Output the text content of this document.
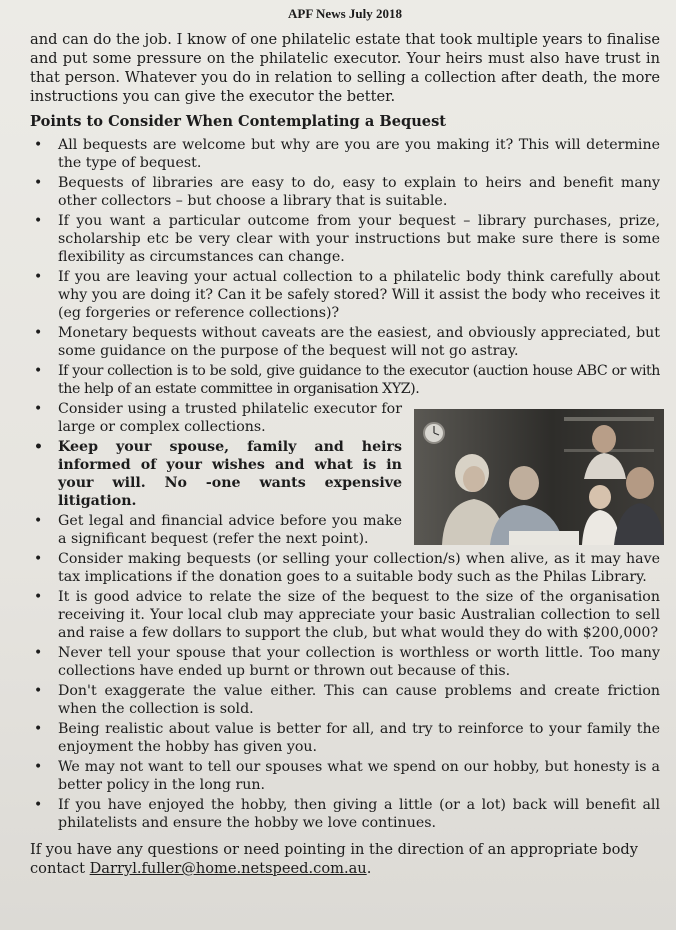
APF News July 2018

and can do the job. I know of one philatelic estate that took multiple years to finalise and put some pressure on the philatelic executor. Your heirs must also have trust in that person. Whatever you do in relation to selling a collection after death, the more instructions you can give the executor the better.

Points to Consider When Contemplating a Bequest
• All bequests are welcome but why are you are you making it? This will determine the type of bequest.
• Bequests of libraries are easy to do, easy to explain to heirs and benefit many other collectors – but choose a library that is suitable.
• If you want a particular outcome from your bequest – library purchases, prize, scholarship etc be very clear with your instructions but make sure there is some flexibility as circumstances can change.
• If you are leaving your actual collection to a philatelic body think carefully about why you are doing it? Can it be safely stored? Will it assist the body who receives it (eg forgeries or reference collections)?
• Monetary bequests without caveats are the easiest, and obviously appreciated, but some guidance on the purpose of the bequest will not go astray.
• If your collection is to be sold, give guidance to the executor (auction house ABC or with the help of an estate committee in organisation XYZ).
• Consider using a trusted philatelic executor for large or complex collections.
• Keep your spouse, family and heirs informed of your wishes and what is in your will. No -one wants expensive litigation.
• Get legal and financial advice before you make a significant bequest (refer the next point).
• Consider making bequests (or selling your collection/s) when alive, as it may have tax implications if the donation goes to a suitable body such as the Philas Library.
• It is good advice to relate the size of the bequest to the size of the organisation receiving it. Your local club may appreciate your basic Australian collection to sell and raise a few dollars to support the club, but what would they do with $200,000?
• Never tell your spouse that your collection is worthless or worth little. Too many collections have ended up burnt or thrown out because of this.
• Don't exaggerate the value either. This can cause problems and create friction when the collection is sold.
• Being realistic about value is better for all, and try to reinforce to your family the enjoyment the hobby has given you.
• We may not want to tell our spouses what we spend on our hobby, but honesty is a better policy in the long run.
• If you have enjoyed the hobby, then giving a little (or a lot) back will benefit all philatelists and ensure the hobby we love continues.

If you have any questions or need pointing in the direction of an appropriate body contact Darryl.fuller@home.netspeed.com.au.
